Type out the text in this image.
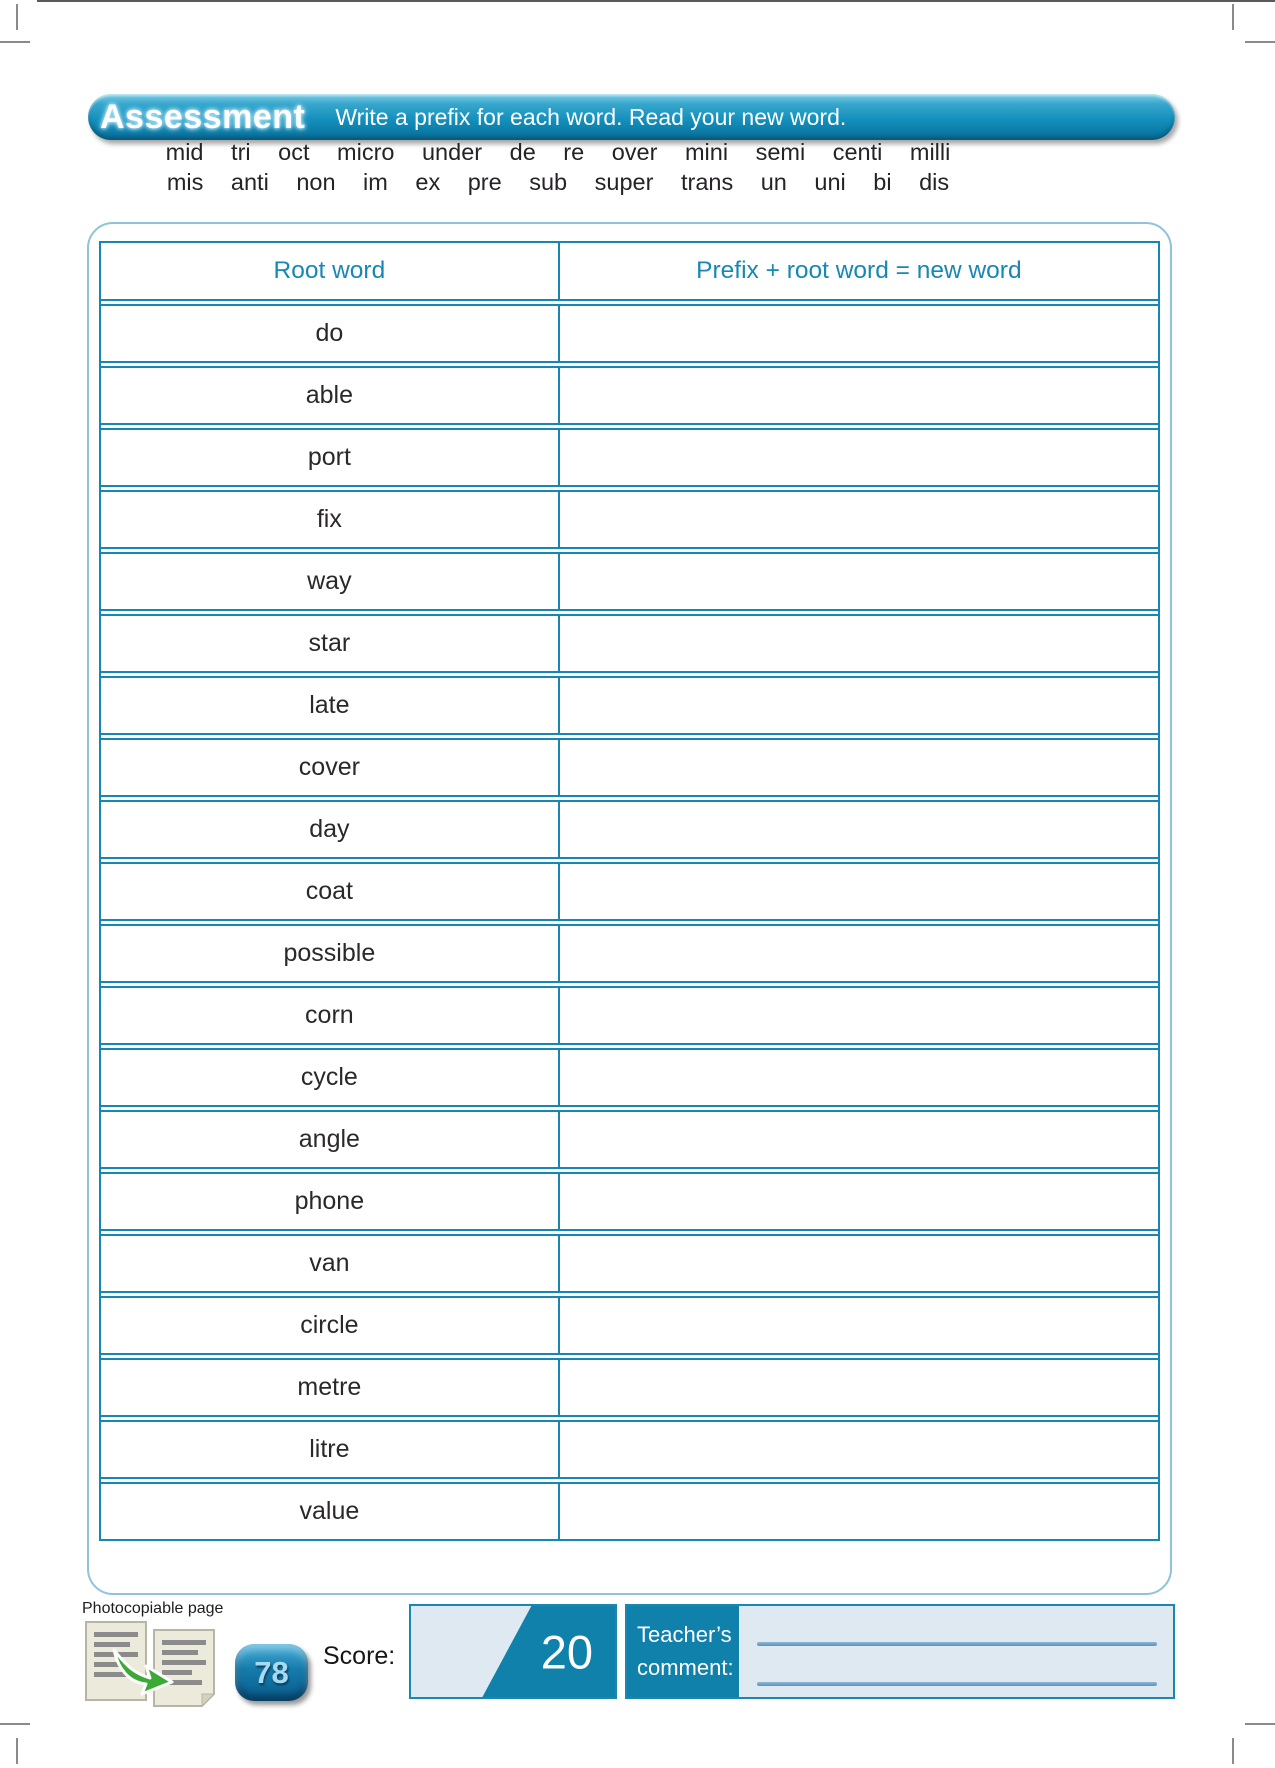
Assessment Write a prefix for each word. Read your new word.
mid tri oct micro under de re over mini semi centi milli
mis anti non im ex pre sub super trans un uni bi dis
Root word	Prefix + root word = new word
do
able
port
fix
way
star
late
cover
day
coat
possible
corn
cycle
angle
phone
van
circle
metre
litre
value
Photocopiable page
78	Score:	20 Teacher’s
comment:
